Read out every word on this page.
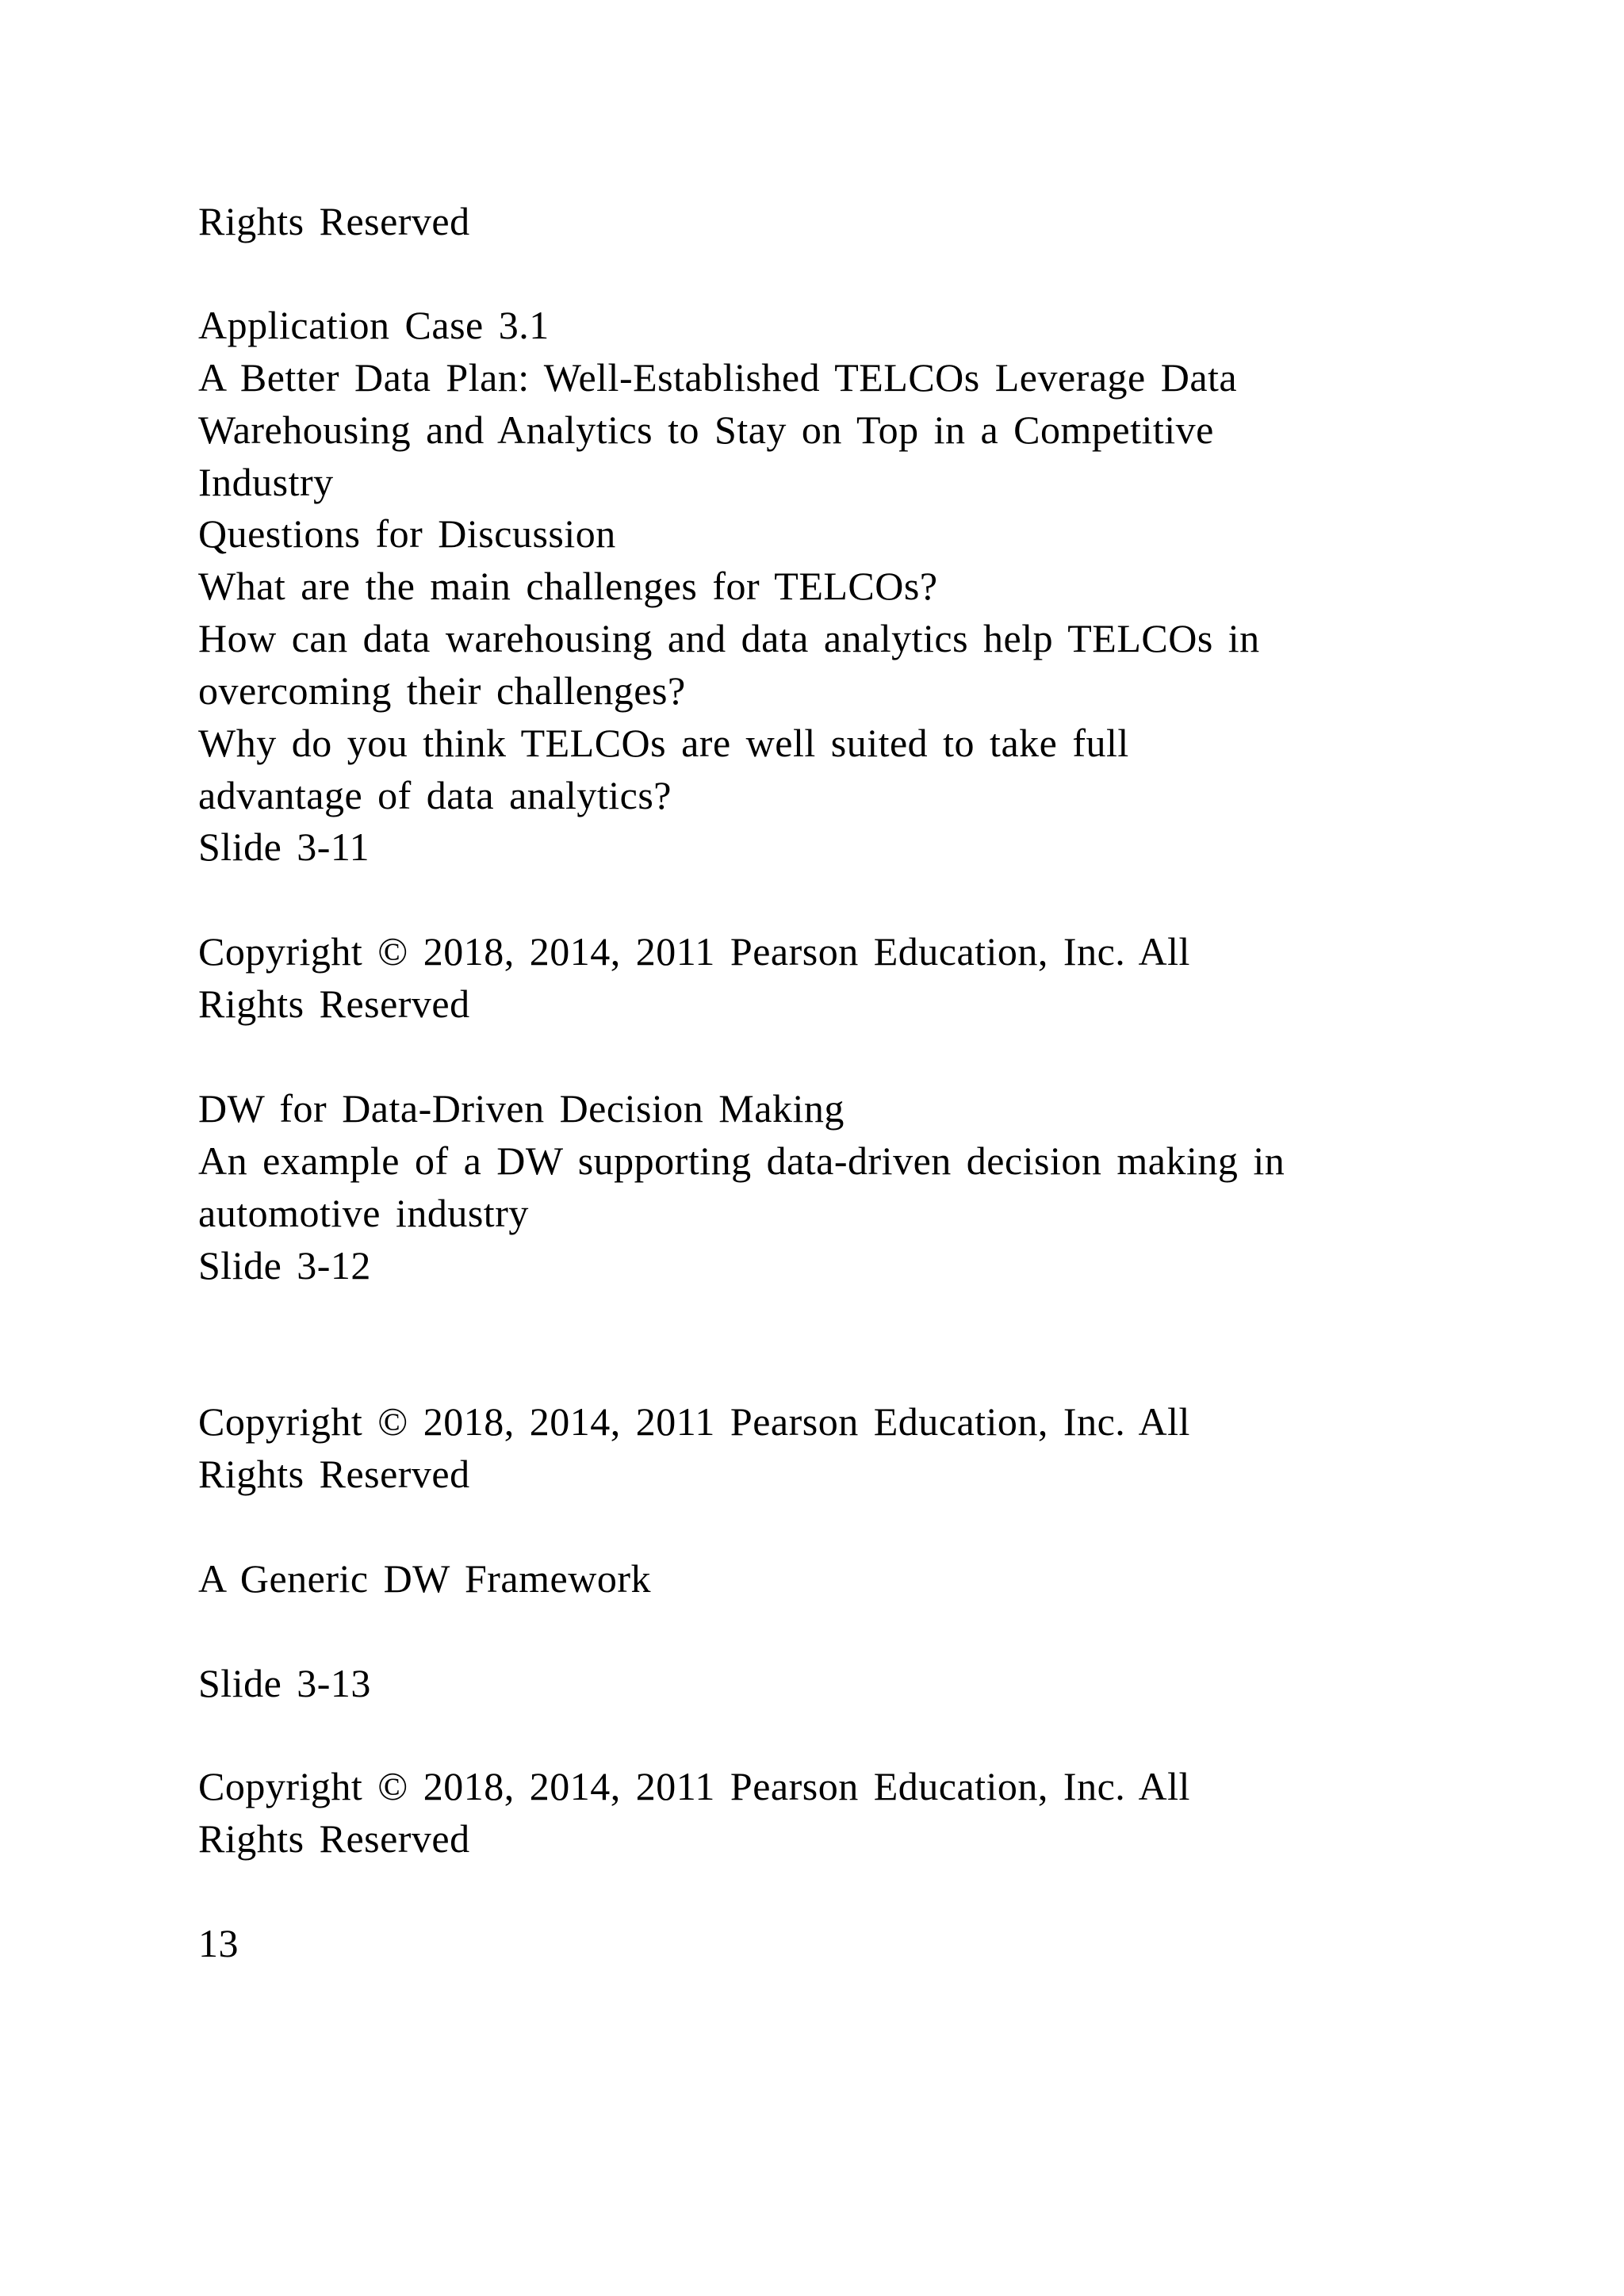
Rights Reserved
Application Case 3.1
A Better Data Plan: Well-Established TELCOs Leverage Data
Warehousing and Analytics to Stay on Top in a Competitive
Industry
Questions for Discussion
What are the main challenges for TELCOs?
How can data warehousing and data analytics help TELCOs in
overcoming their challenges?
Why do you think TELCOs are well suited to take full
advantage of data analytics?
Slide 3-11
Copyright © 2018, 2014, 2011 Pearson Education, Inc. All
Rights Reserved
DW for Data-Driven Decision Making
An example of a DW supporting data-driven decision making in
automotive industry
Slide 3-12
Copyright © 2018, 2014, 2011 Pearson Education, Inc. All
Rights Reserved
A Generic DW Framework
Slide 3-13
Copyright © 2018, 2014, 2011 Pearson Education, Inc. All
Rights Reserved
13
